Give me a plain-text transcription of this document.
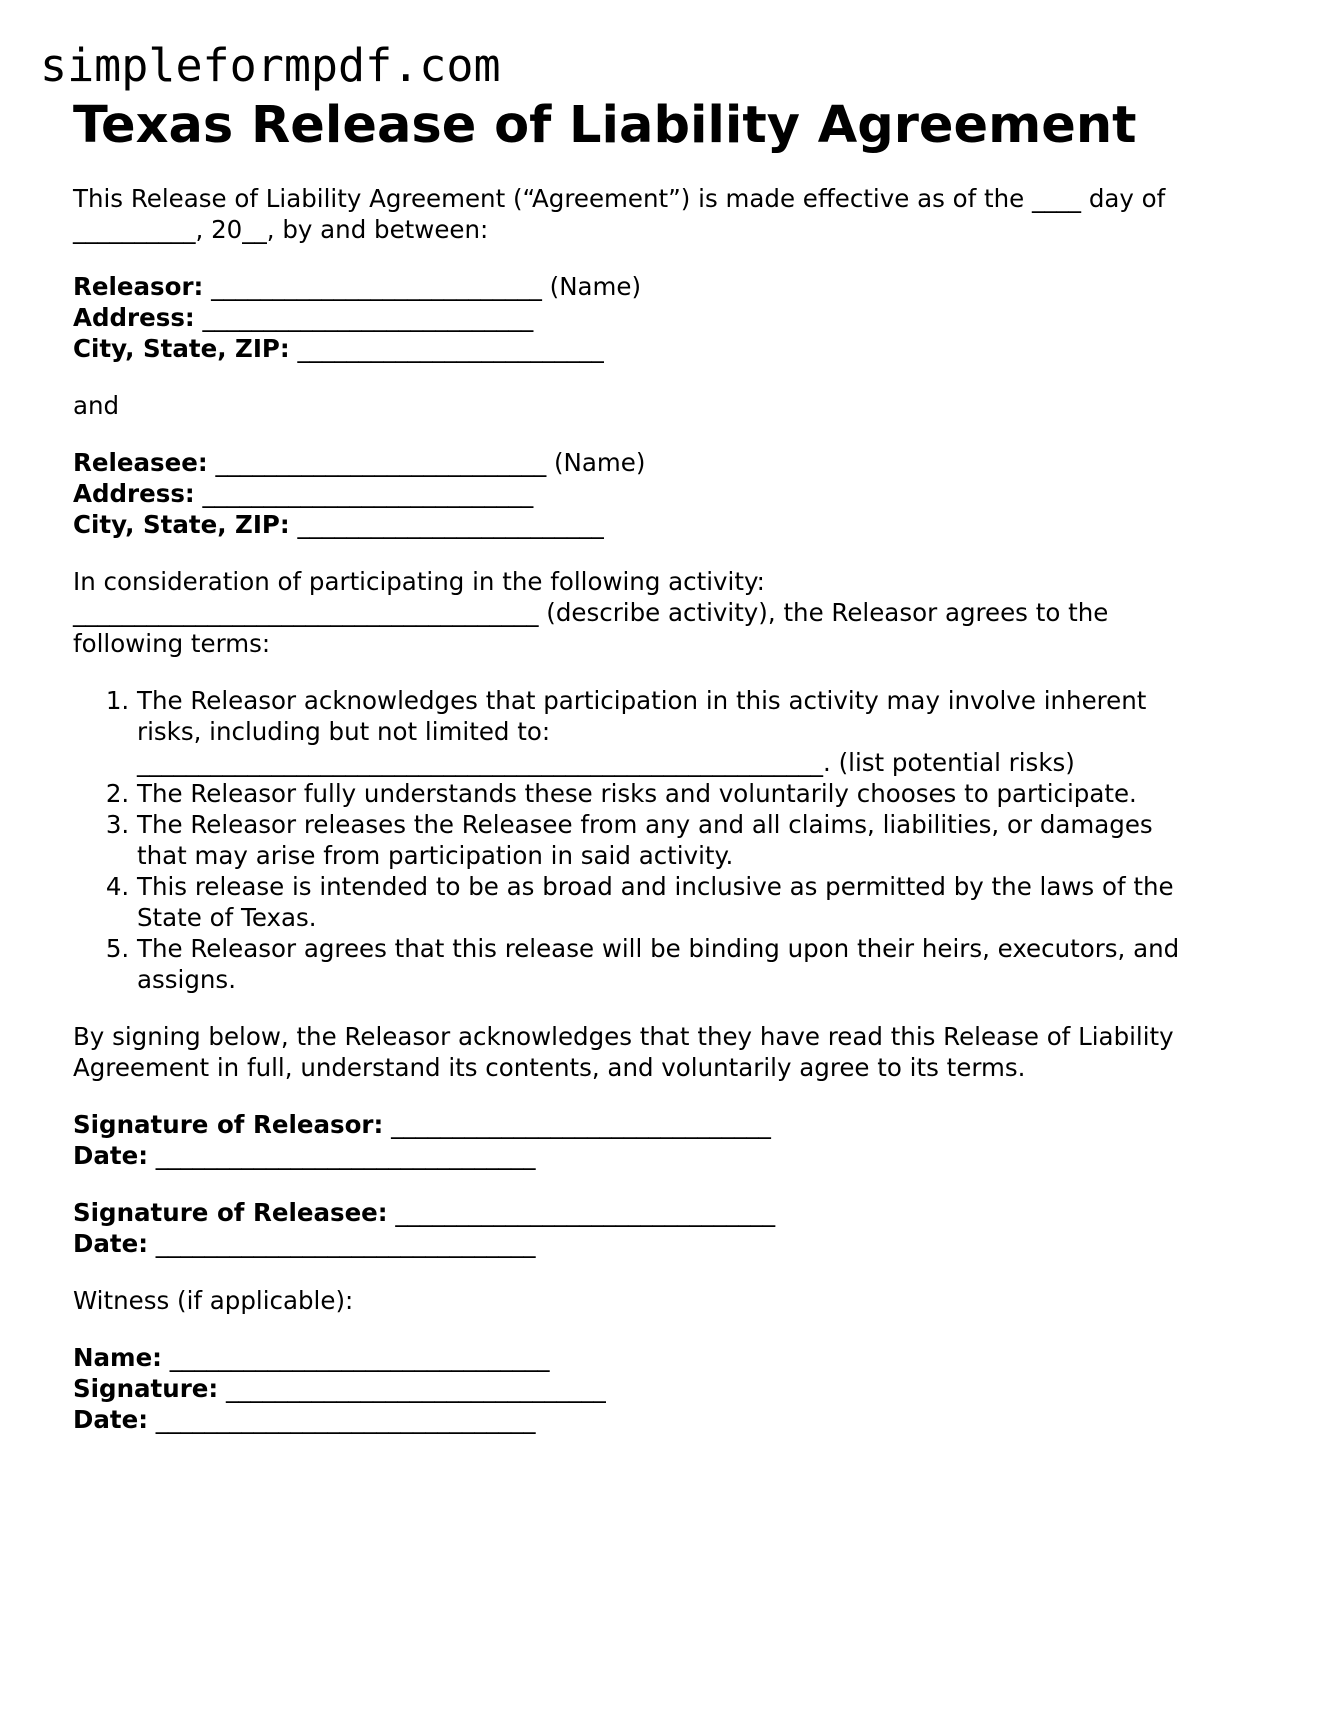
simpleformpdf.com
Texas Release of Liability Agreement

This Release of Liability Agreement (“Agreement”) is made effective as of the ____ day of
__________, 20__, by and between:

Releasor: ___________________________ (Name)
Address: ___________________________
City, State, ZIP: _________________________

and

Releasee: ___________________________ (Name)
Address: ___________________________
City, State, ZIP: _________________________

In consideration of participating in the following activity:
______________________________________ (describe activity), the Releasor agrees to the
following terms:

1. The Releasor acknowledges that participation in this activity may involve inherent
risks, including but not limited to:
________________________________________________________. (list potential risks)
2. The Releasor fully understands these risks and voluntarily chooses to participate.
3. The Releasor releases the Releasee from any and all claims, liabilities, or damages
that may arise from participation in said activity.
4. This release is intended to be as broad and inclusive as permitted by the laws of the
State of Texas.
5. The Releasor agrees that this release will be binding upon their heirs, executors, and
assigns.

By signing below, the Releasor acknowledges that they have read this Release of Liability
Agreement in full, understand its contents, and voluntarily agree to its terms.

Signature of Releasor: _______________________________
Date: _______________________________
Signature of Releasee: _______________________________
Date: _______________________________

Witness (if applicable):

Name: _______________________________
Signature: _______________________________
Date: _______________________________
